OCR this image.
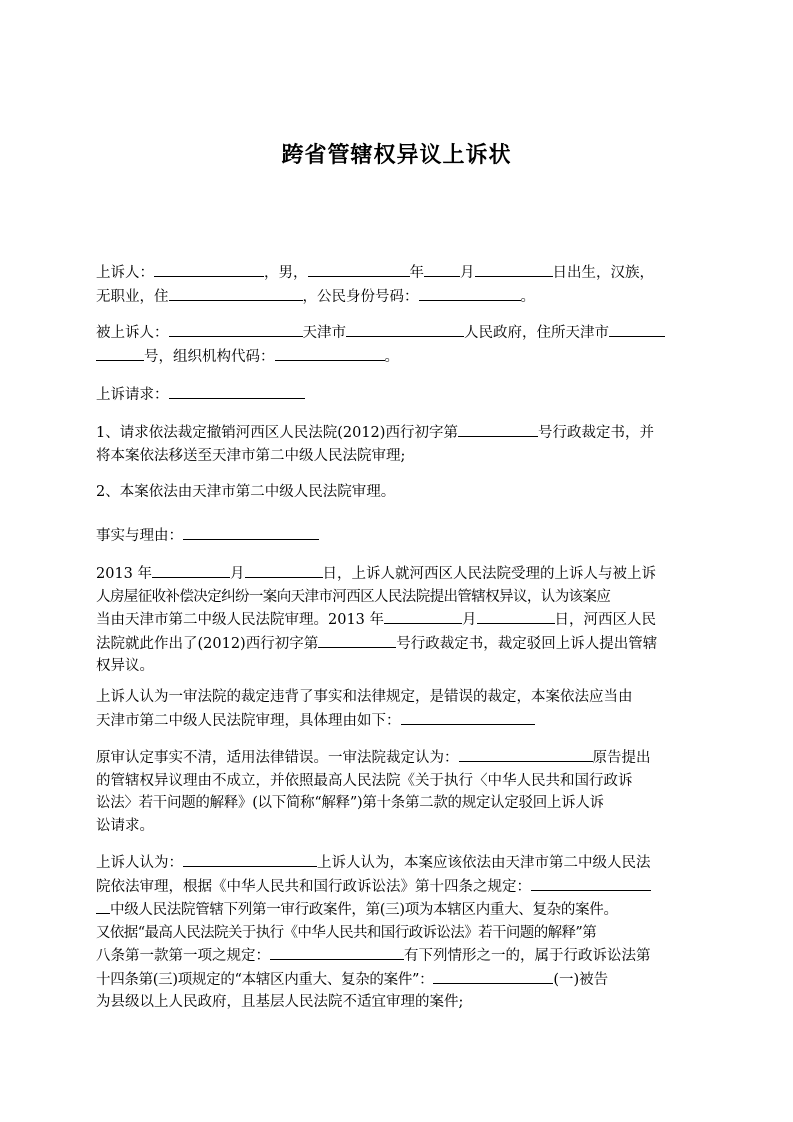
跨省管辖权异议上诉状
上诉人：	，男，	年 月	日出生，汉族，
无职业，住	，公民身份号码：	。
被上诉人：	天津市	人民政府，住所天津市
号，组织机构代码：	。
上诉请求：
1、请求依法裁定撤销河西区人民法院(2012)西行初字第	号行政裁定书，并
将本案依法移送至天津市第二中级人民法院审理;
2、本案依法由天津市第二中级人民法院审理。
事实与理由：
2013 年	月	日，上诉人就河西区人民法院受理的上诉人与被上诉
人房屋征收补偿决定纠纷一案向天津市河西区人民法院提出管辖权异议，认为该案应
当由天津市第二中级人民法院审理。2013 年	月	日，河西区人民
法院就此作出了(2012)西行初字第	号行政裁定书，裁定驳回上诉人提出管辖
权异议。
上诉人认为一审法院的裁定违背了事实和法律规定，是错误的裁定，本案依法应当由
天津市第二中级人民法院审理，具体理由如下：
原审认定事实不清，适用法律错误。一审法院裁定认为：	原告提出
的管辖权异议理由不成立，并依照最高人民法院《关于执行〈中华人民共和国行政诉
讼法〉若干问题的解释》(以下简称“解释”)第十条第二款的规定认定驳回上诉人诉
讼请求。
上诉人认为：	上诉人认为，本案应该依法由天津市第二中级人民法
院依法审理，根据《中华人民共和国行政诉讼法》第十四条之规定：
中级人民法院管辖下列第一审行政案件，第(三)项为本辖区内重大、复杂的案件。
又依据“最高人民法院关于执行《中华人民共和国行政诉讼法》若干问题的解释”第
八条第一款第一项之规定：	有下列情形之一的，属于行政诉讼法第
十四条第(三)项规定的“本辖区内重大、复杂的案件”：	(一)被告
为县级以上人民政府，且基层人民法院不适宜审理的案件;
